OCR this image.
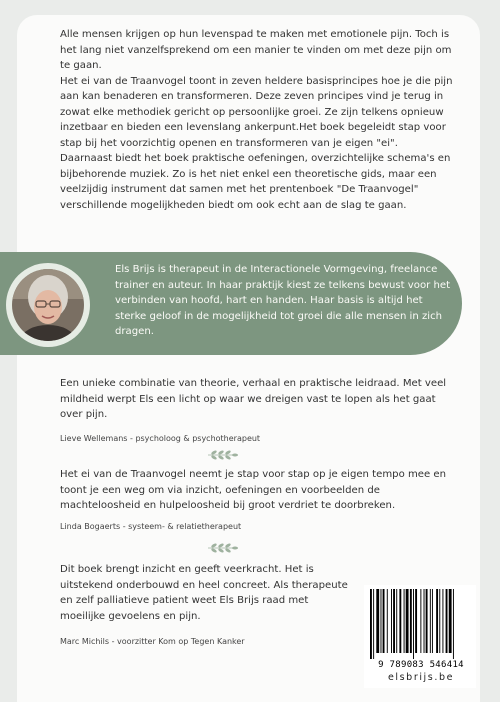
Alle mensen krijgen op hun levenspad te maken met emotionele pijn. Toch is het lang niet vanzelfsprekend om een manier te vinden om met deze pijn om te gaan.

Het ei van de Traanvogel toont in zeven heldere basisprincipes hoe je die pijn aan kan benaderen en transformeren. Deze zeven principes vind je terug in zowat elke methodiek gericht op persoonlijke groei. Ze zijn telkens opnieuw inzetbaar en bieden een levenslang ankerpunt.Het boek begeleidt stap voor stap bij het voorzichtig openen en transformeren van je eigen "ei".

Daarnaast biedt het boek praktische oefeningen, overzichtelijke schema's en bijbehorende muziek. Zo is het niet enkel een theoretische gids, maar een veelzijdig instrument dat samen met het prentenboek "De Traanvogel" verschillende mogelijkheden biedt om ook echt aan de slag te gaan.

Els Brijs is therapeut in de Interactionele Vormgeving, freelance trainer en auteur. In haar praktijk kiest ze telkens bewust voor het verbinden van hoofd, hart en handen. Haar basis is altijd het sterke geloof in de mogelijkheid tot groei die alle mensen in zich dragen.

Een unieke combinatie van theorie, verhaal en praktische leidraad. Met veel mildheid werpt Els een licht op waar we dreigen vast te lopen als het gaat over pijn.

Lieve Wellemans - psycholoog & psychotherapeut

Het ei van de Traanvogel neemt je stap voor stap op je eigen tempo mee en toont je een weg om via inzicht, oefeningen en voorbeelden de machteloosheid en hulpeloosheid bij groot verdriet te doorbreken.

Linda Bogaerts - systeem- & relatietherapeut

Dit boek brengt inzicht en geeft veerkracht. Het is uitstekend onderbouwd en heel concreet. Als therapeute en zelf palliatieve patient weet Els Brijs raad met moeilijke gevoelens en pijn.

Marc Michils - voorzitter Kom op Tegen Kanker
9 789083 546414
elsbrijs.be
